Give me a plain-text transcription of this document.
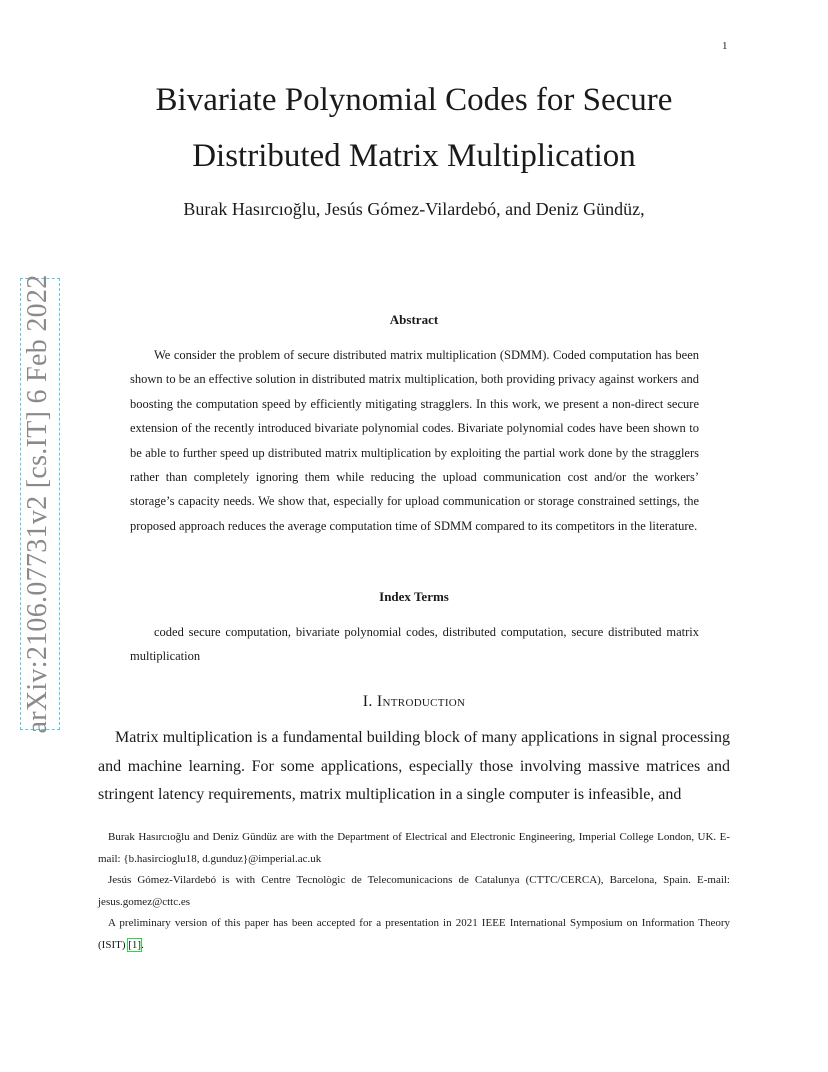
1
arXiv:2106.07731v2 [cs.IT] 6 Feb 2022
Bivariate Polynomial Codes for Secure
Distributed Matrix Multiplication
Burak Hasırcıoğlu, Jesús Gómez-Vilardebó, and Deniz Gündüz,
Abstract

We consider the problem of secure distributed matrix multiplication (SDMM). Coded computation has been shown to be an effective solution in distributed matrix multiplication, both providing privacy against workers and boosting the computation speed by efficiently mitigating stragglers. In this work, we present a non-direct secure extension of the recently introduced bivariate polynomial codes. Bivariate polynomial codes have been shown to be able to further speed up distributed matrix multiplication by exploiting the partial work done by the stragglers rather than completely ignoring them while reducing the upload communication cost and/or the workers’ storage’s capacity needs. We show that, especially for upload communication or storage constrained settings, the proposed approach reduces the average computation time of SDMM compared to its competitors in the literature.

Index Terms

coded secure computation, bivariate polynomial codes, distributed computation, secure distributed matrix multiplication

I. Introduction

Matrix multiplication is a fundamental building block of many applications in signal processing and machine learning. For some applications, especially those involving massive matrices and stringent latency requirements, matrix multiplication in a single computer is infeasible, and

Burak Hasırcıoğlu and Deniz Gündüz are with the Department of Electrical and Electronic Engineering, Imperial College London, UK. E-mail: {b.hasircioglu18, d.gunduz}@imperial.ac.uk

Jesús Gómez-Vilardebó is with Centre Tecnològic de Telecomunicacions de Catalunya (CTTC/CERCA), Barcelona, Spain. E-mail: jesus.gomez@cttc.es

A preliminary version of this paper has been accepted for a presentation in 2021 IEEE International Symposium on Information Theory (ISIT) [1].
